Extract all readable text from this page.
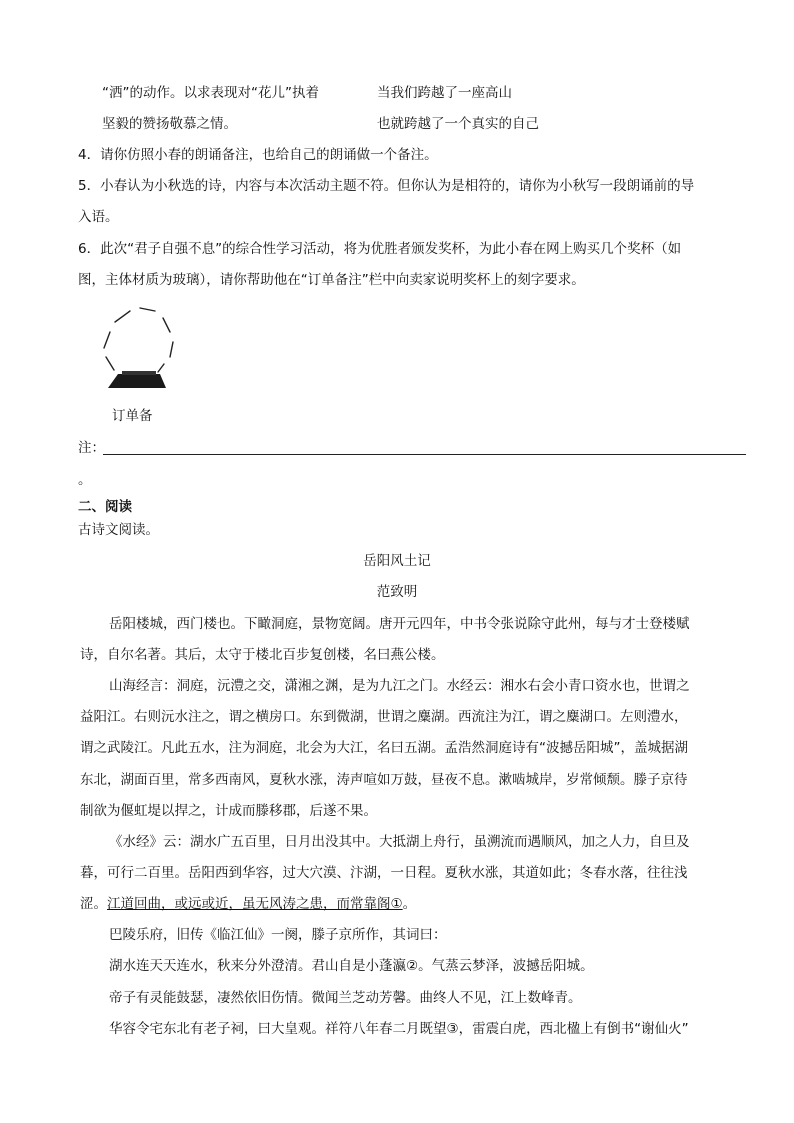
“洒”的动作。以求表现对“花儿”执着	当我们跨越了一座高山
坚毅的赞扬敬慕之情。	也就跨越了一个真实的自己
4．请你仿照小春的朗诵备注，也给自己的朗诵做一个备注。
5．小春认为小秋选的诗，内容与本次活动主题不符。但你认为是相符的，请你为小秋写一段朗诵前的导
入语。
6．此次“君子自强不息”的综合性学习活动，将为优胜者颁发奖杯，为此小春在网上购买几个奖杯（如
图，主体材质为玻璃），请你帮助他在“订单备注”栏中向卖家说明奖杯上的刻字要求。
订单备
注：
。
二、阅读
古诗文阅读。
岳阳风土记
范致明
岳阳楼城，西门楼也。下瞰洞庭，景物宽阔。唐开元四年，中书令张说除守此州，每与才士登楼赋
诗，自尔名著。其后，太守于楼北百步复创楼，名曰燕公楼。
山海经言：洞庭，沅澧之交，潇湘之渊，是为九江之门。水经云：湘水右会小青口资水也，世谓之
益阳江。右则沅水注之，谓之横房口。东到微湖，世谓之麋湖。西流注为江，谓之麋湖口。左则澧水，
谓之武陵江。凡此五水，注为洞庭，北会为大江，名曰五湖。孟浩然洞庭诗有“波撼岳阳城”，盖城据湖
东北，湖面百里，常多西南风，夏秋水涨，涛声喧如万鼓，昼夜不息。漱啮城岸，岁常倾颓。滕子京待
制欲为偃虹堤以捍之，计成而滕移郡，后遂不果。
《水经》云：湖水广五百里，日月出没其中。大抵湖上舟行，虽溯流而遇顺风，加之人力，自旦及
暮，可行二百里。岳阳西到华容，过大穴漠、汴湖，一日程。夏秋水涨，其道如此；冬春水落，往往浅
涩。江道回曲，或远或近，虽无风涛之患，而常靠阁①。
巴陵乐府，旧传《临江仙》一阕，滕子京所作，其词曰：
湖水连天天连水，秋来分外澄清。君山自是小蓬瀛②。气蒸云梦泽，波撼岳阳城。
帝子有灵能鼓瑟，凄然依旧伤情。微闻兰芝动芳馨。曲终人不见，江上数峰青。
华容令宅东北有老子祠，曰大皇观。祥符八年春二月既望③，雷震白虎，西北楹上有倒书“谢仙火”
